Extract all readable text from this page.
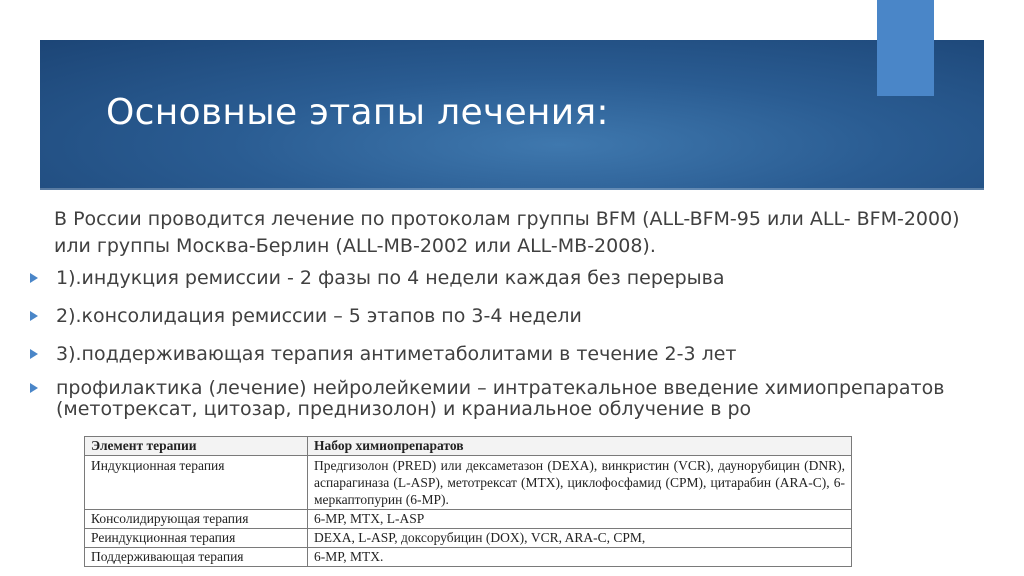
Основные этапы лечения:
В России проводится лечение по протоколам группы BFM (ALL-BFM-95 или ALL- BFM-2000) или группы Москва-Берлин (ALL-MB-2002 или ALL-MB-2008).
1).индукция ремиссии - 2 фазы по 4 недели каждая без перерыва
2).консолидация ремиссии – 5 этапов по 3-4 недели
3).поддерживающая терапия антиметаболитами в течение 2-3 лет
профилактика (лечение) нейролейкемии – интратекальное введение химиопрепаратов (метотрексат, цитозар, преднизолон) и краниальное облучение в ро
Элемент терапии	Набор химиопрепаратов
Индукционная терапия	Предгизолон (PRED) или дексаметазон (DEXA), винкристин (VCR), даунорубицин (DNR), аспарагиназа (L-ASP), метотрексат (MTX), циклофосфамид (CPM), цитарабин (ARA-C), 6-меркаптопурин (6-MP).
Консолидирующая терапия	6-MP, MTX, L-ASP
Реиндукционная терапия	DEXA, L-ASP, доксорубицин (DOX), VCR, ARA-C, CPM,
Поддерживающая терапия	6-MP, MTX.
